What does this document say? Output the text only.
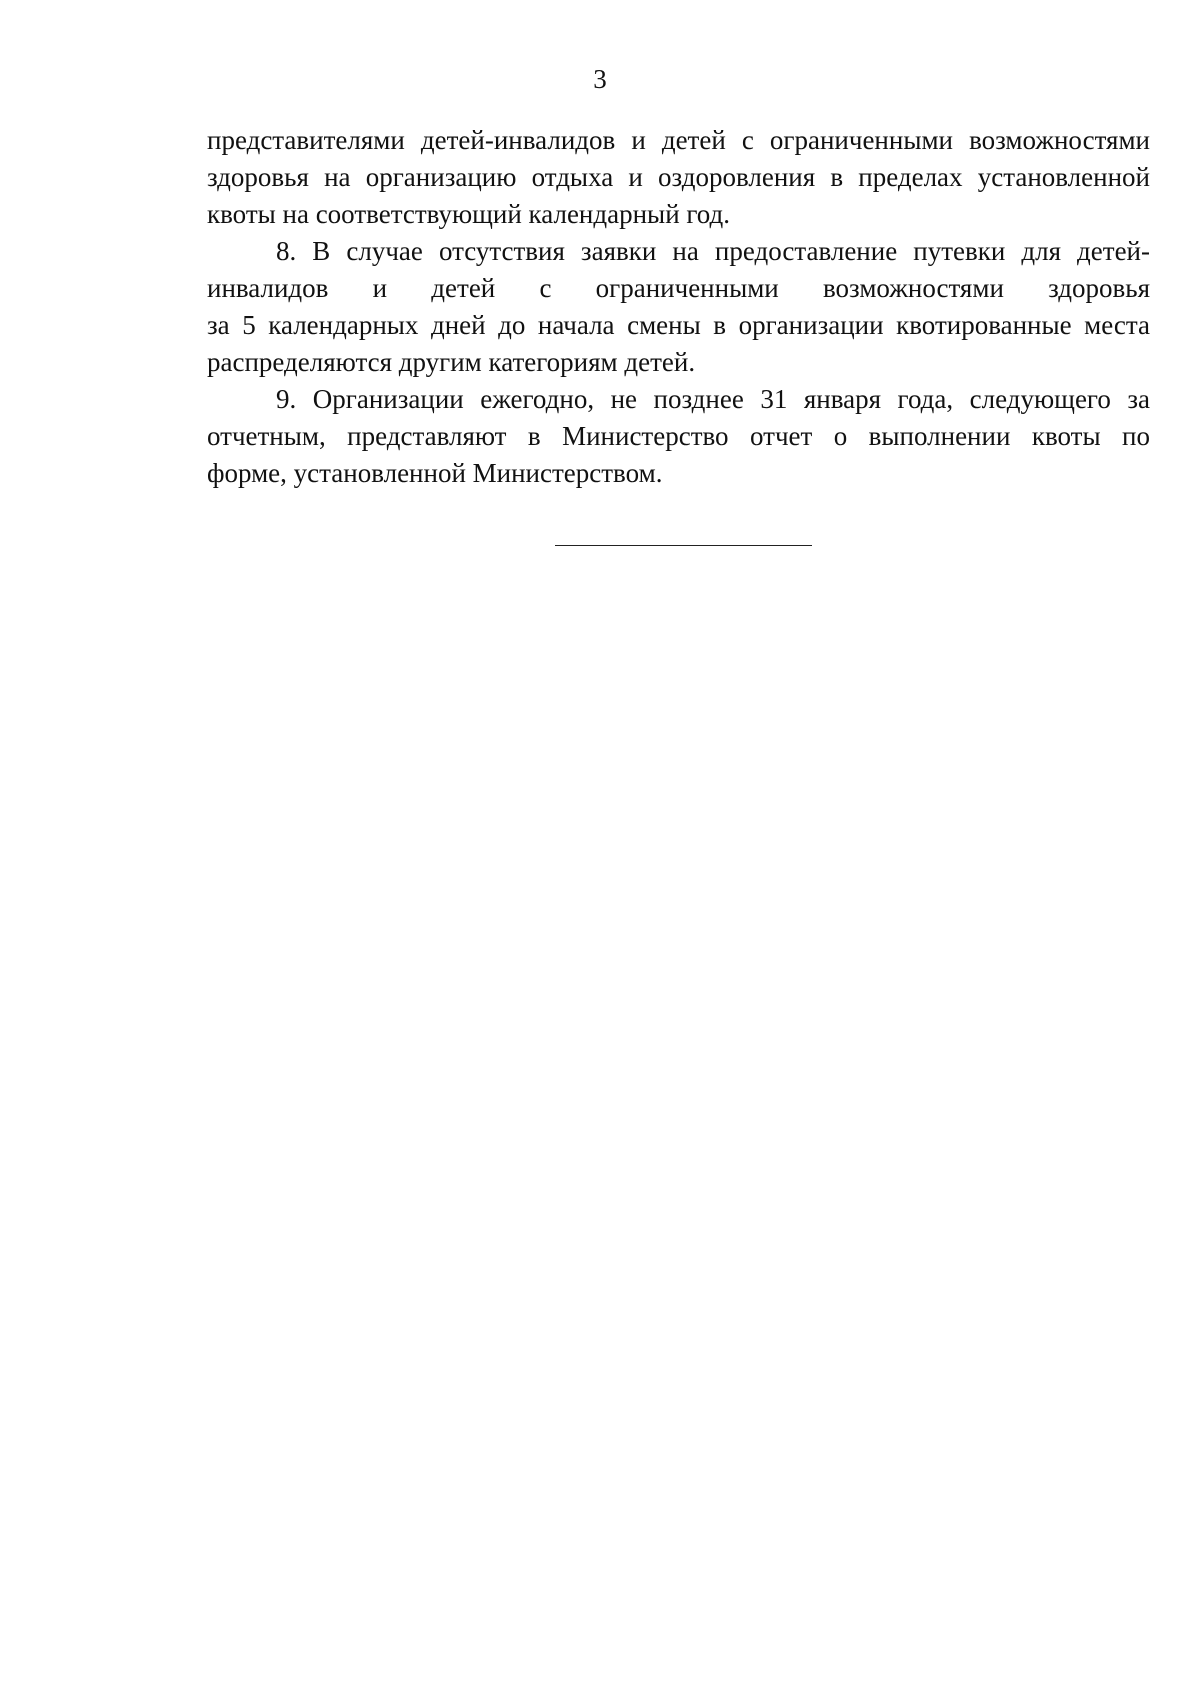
3

представителями детей-инвалидов и детей с ограниченными возможностями
здоровья на организацию отдыха и оздоровления в пределах установленной
квоты на соответствующий календарный год.

8. В случае отсутствия заявки на предоставление путевки для детей-
инвалидов и детей с ограниченными возможностями здоровья
за 5 календарных дней до начала смены в организации квотированные места
распределяются другим категориям детей.

9. Организации ежегодно, не позднее 31 января года, следующего за
отчетным, представляют в Министерство отчет о выполнении квоты по
форме, установленной Министерством.
